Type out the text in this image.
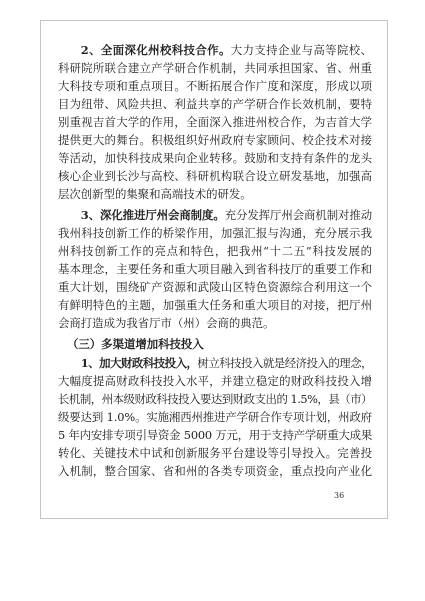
2、全面深化州校科技合作。大力支持企业与高等院校、
科研院所联合建立产学研合作机制，共同承担国家、省、州重
大科技专项和重点项目。不断拓展合作广度和深度，形成以项
目为纽带、风险共担、利益共享的产学研合作长效机制，要特
别重视吉首大学的作用，全面深入推进州校合作，为吉首大学
提供更大的舞台。积极组织好州政府专家顾问、校企技术对接
等活动，加快科技成果向企业转移。鼓励和支持有条件的龙头
核心企业到长沙与高校、科研机构联合设立研发基地，加强高
层次创新型的集聚和高端技术的研发。
3、深化推进厅州会商制度。充分发挥厅州会商机制对推动
我州科技创新工作的桥梁作用，加强汇报与沟通，充分展示我
州科技创新工作的亮点和特色，把我州“十二五”科技发展的
基本理念，主要任务和重大项目融入到省科技厅的重要工作和
重大计划，围绕矿产资源和武陵山区特色资源综合利用这一个
有鲜明特色的主题，加强重大任务和重大项目的对接，把厅州
会商打造成为我省厅市（州）会商的典范。
（三）多渠道增加科技投入
1、加大财政科技投入，树立科技投入就是经济投入的理念，
大幅度提高财政科技投入水平，并建立稳定的财政科技投入增
长机制，州本级财政科技投入要达到财政支出的 1.5%，县（市）
级要达到 1.0%。实施湘西州推进产学研合作专项计划，州政府
5 年内安排专项引导资金 5000 万元，用于支持产学研重大成果
转化、关键技术中试和创新服务平台建设等引导投入。完善投
入机制，整合国家、省和州的各类专项资金，重点投向产业化
36
